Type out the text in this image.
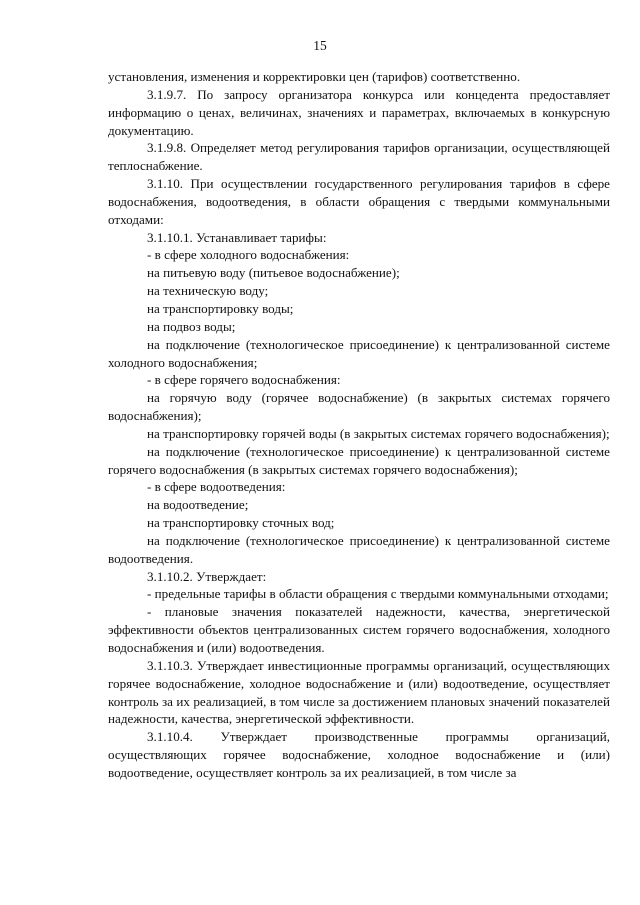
15

установления, изменения и корректировки цен (тарифов) соответственно.

3.1.9.7. По запросу организатора конкурса или концедента предоставляет информацию о ценах, величинах, значениях и параметрах, включаемых в конкурсную документацию.

3.1.9.8. Определяет метод регулирования тарифов организации, осуществляющей теплоснабжение.

3.1.10. При осуществлении государственного регулирования тарифов в сфере водоснабжения, водоотведения, в области обращения с твердыми коммунальными отходами:

3.1.10.1. Устанавливает тарифы:

- в сфере холодного водоснабжения:

на питьевую воду (питьевое водоснабжение);

на техническую воду;

на транспортировку воды;

на подвоз воды;

на подключение (технологическое присоединение) к централизованной системе холодного водоснабжения;

- в сфере горячего водоснабжения:

на горячую воду (горячее водоснабжение) (в закрытых системах горячего водоснабжения);

на транспортировку горячей воды (в закрытых системах горячего водоснабжения);

на подключение (технологическое присоединение) к централизованной системе горячего водоснабжения (в закрытых системах горячего водоснабжения);

- в сфере водоотведения:

на водоотведение;

на транспортировку сточных вод;

на подключение (технологическое присоединение) к централизованной системе водоотведения.

3.1.10.2. Утверждает:

- предельные тарифы в области обращения с твердыми коммунальными отходами;

- плановые значения показателей надежности, качества, энергетической эффективности объектов централизованных систем горячего водоснабжения, холодного водоснабжения и (или) водоотведения.

3.1.10.3. Утверждает инвестиционные программы организаций, осуществляющих горячее водоснабжение, холодное водоснабжение и (или) водоотведение, осуществляет контроль за их реализацией, в том числе за достижением плановых значений показателей надежности, качества, энергетической эффективности.

3.1.10.4. Утверждает производственные программы организаций, осуществляющих горячее водоснабжение, холодное водоснабжение и (или) водоотведение, осуществляет контроль за их реализацией, в том числе за
